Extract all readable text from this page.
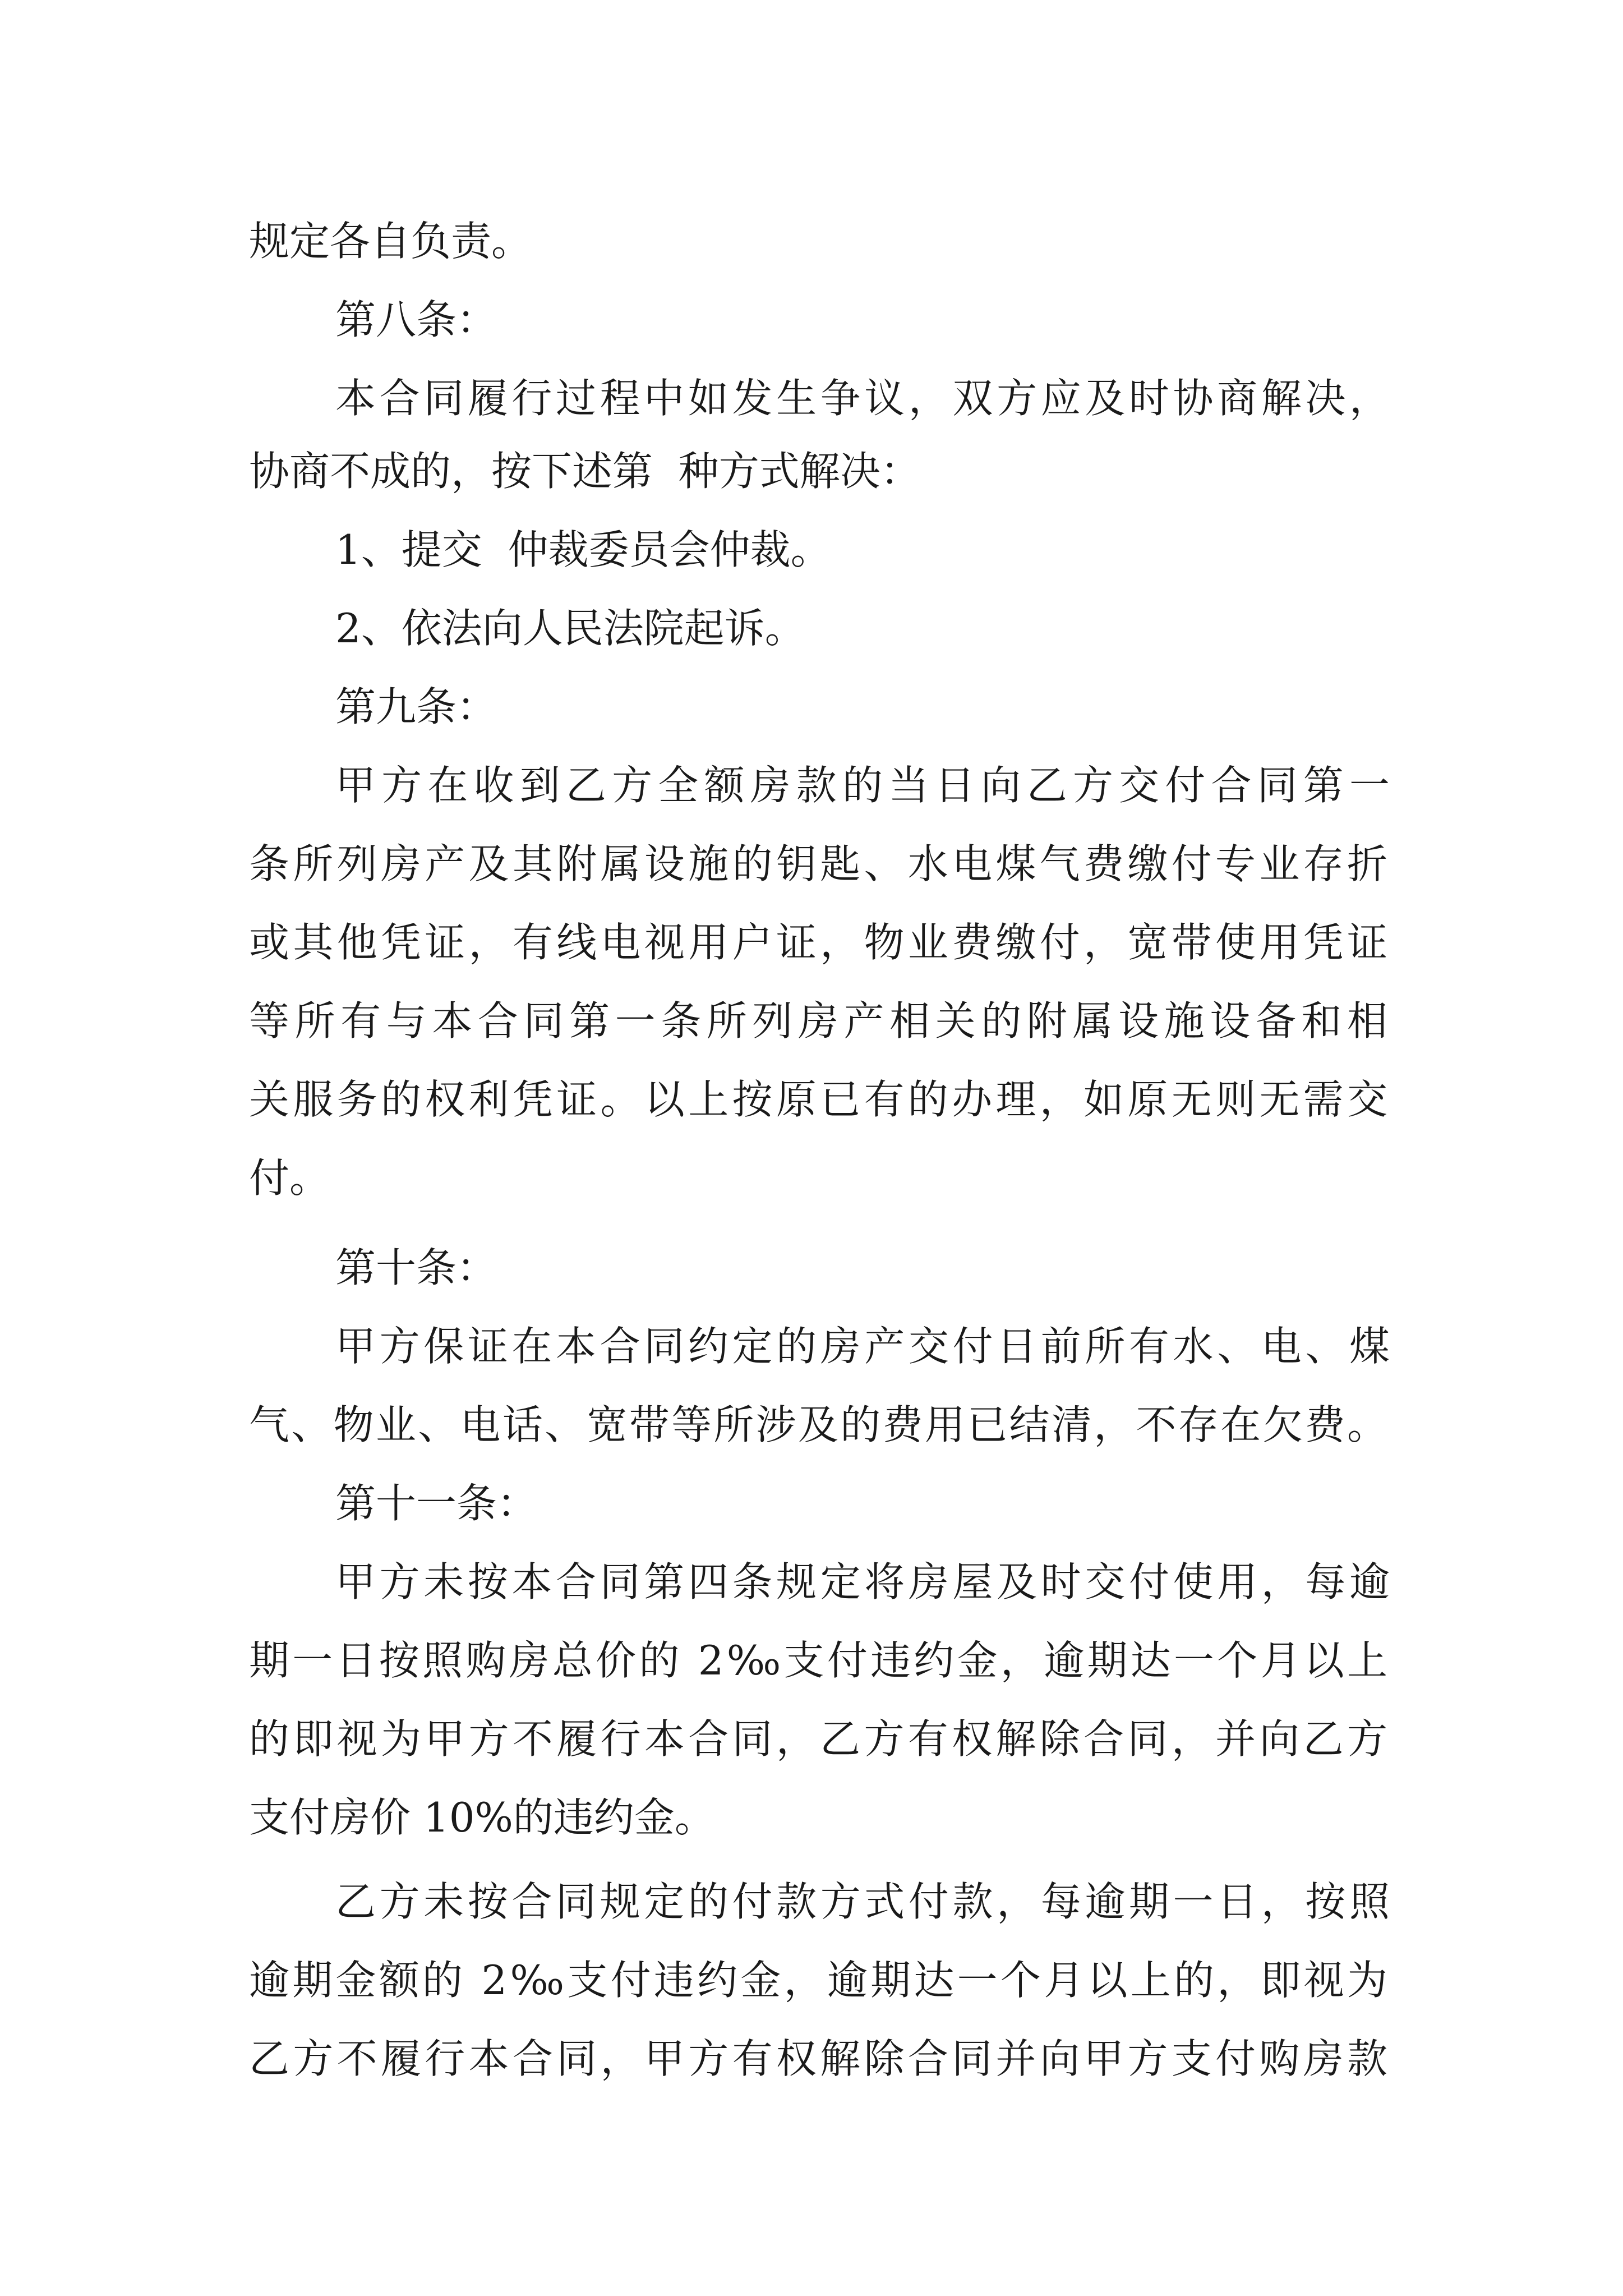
规定各自负责。
第八条：
本合同履行过程中如发生争议，双方应及时协商解决，
协商不成的，按下述第  种方式解决：
1、提交  仲裁委员会仲裁。
2、依法向人民法院起诉。
第九条：
甲方在收到乙方全额房款的当日向乙方交付合同第一
条所列房产及其附属设施的钥匙、水电煤气费缴付专业存折
或其他凭证，有线电视用户证，物业费缴付，宽带使用凭证
等所有与本合同第一条所列房产相关的附属设施设备和相
关服务的权利凭证。以上按原已有的办理，如原无则无需交
付。
第十条：
甲方保证在本合同约定的房产交付日前所有水、电、煤
气、物业、电话、宽带等所涉及的费用已结清，不存在欠费。
第十一条：
甲方未按本合同第四条规定将房屋及时交付使用，每逾
期一日按照购房总价的 2‰支付违约金，逾期达一个月以上
的即视为甲方不履行本合同，乙方有权解除合同，并向乙方
支付房价 10%的违约金。
乙方未按合同规定的付款方式付款，每逾期一日，按照
逾期金额的 2‰支付违约金，逾期达一个月以上的，即视为
乙方不履行本合同，甲方有权解除合同并向甲方支付购房款
